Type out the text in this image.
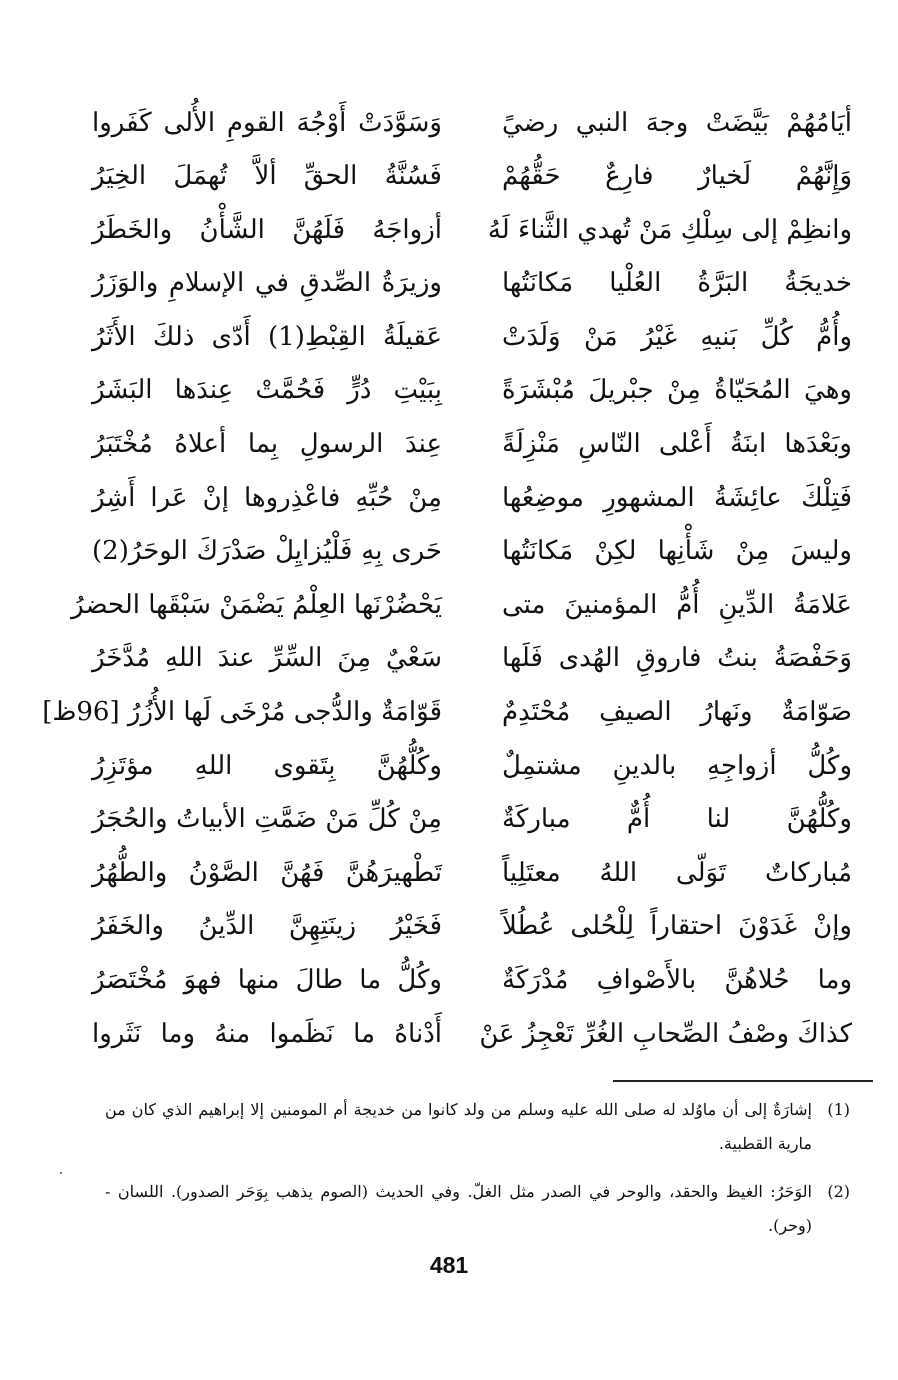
أيَامُهُمْ بَيَّضَتْ وجهَ النبي رضيً
وَسَوَّدَتْ أَوْجُهَ القومِ الأُلى كَفَروا
وَإِنَّهُمْ لَخيارٌ فارِعٌ حَقُّهُمْ
فَسُنَّةُ الحقِّ ألاَّ تُهمَلَ الخِيَرُ
وانظِمْ إلى سِلْكِ مَنْ تُهدي الثَّناءَ لَهُ
أزواجَهُ فَلَهُنَّ الشَّأْنُ والخَطَرُ
خديجَةُ البَرَّةُ العُلْيا مَكانَتُها
وزيرَةُ الصِّدقِ في الإسلامِ والوَزَرُ
وأُمُّ كُلِّ بَنيهِ غَيْرُ مَنْ وَلَدَتْ
عَقيلَةُ القِبْطِ(1) أَدّى ذلكَ الأَثَرُ
وهيَ المُحَيّاةُ مِنْ جبْريلَ مُبْشَرَةً
بِبَيْتِ دُرٍّ فَحُمَّتْ عِندَها البَشَرُ
وبَعْدَها ابنَةُ أَعْلى النّاسِ مَنْزِلَةً
عِندَ الرسولِ بِما أعلاهُ مُخْتَبَرُ
فَتِلْكَ عائِشَةُ المشهورِ موضِعُها
مِنْ حُبِّهِ فاعْذِروها إنْ عَرا أَشِرُ
وليسَ مِنْ شَأْنِها لكِنْ مَكانَتُها
حَرى بِهِ فَلْيُزايِلْ صَدْرَكَ الوحَرُ(2)
عَلامَةُ الدِّينِ أُمُّ المؤمنينَ متى
يَحْضُرْنَها العِلْمُ يَضْمَنْ سَبْقَها الحضرُ
وَحَفْصَةُ بنتُ فاروقِ الهُدى فَلَها
سَعْيٌ مِنَ السِّرِّ عندَ اللهِ مُدَّخَرُ
صَوّامَةٌ ونَهارُ الصيفِ مُحْتَدِمٌ
قَوّامَةٌ والدُّجى مُرْخَى لَها الأُزُرُ [96ظ]
وكُلُّ أزواجِهِ بالدينِ مشتمِلٌ
وكُلُّهُنَّ بِتَقوى اللهِ مؤتَزِرُ
وكُلُّهُنَّ لنا أُمٌّ مباركَةٌ
مِنْ كُلِّ مَنْ ضَمَّتِ الأبياتُ والحُجَرُ
مُباركاتٌ تَوَلّى اللهُ معتَلِياً
تَطْهيرَهُنَّ فَهُنَّ الصَّوْنُ والطُّهُرُ
وإنْ غَدَوْنَ احتقاراً لِلْحُلى عُطُلاً
فَخَيْرُ زينَتِهِنَّ الدِّينُ والخَفَرُ
وما حُلاهُنَّ بالأَصْوافِ مُدْرَكَةٌ
وكُلُّ ما طالَ منها فهوَ مُخْتَصَرُ
كذاكَ وصْفُ الصِّحابِ الغُرِّ تَعْجِزُ عَنْ
أَدْناهُ ما نَظَموا منهُ وما نَثَروا
(1)
إشارَةٌ إلى أن ماوُلد له صلى الله عليه وسلم من ولد كانوا من خديجة أم المومنين إلا إبراهيم الذي كان من مارية القطبية.
(2)
الوَحَرُ: الغيظ والحقد، والوحر في الصدر مثل الغلّ. وفي الحديث (الصوم يذهب بِوَحَر الصدور). اللسان - (وحر).
481
